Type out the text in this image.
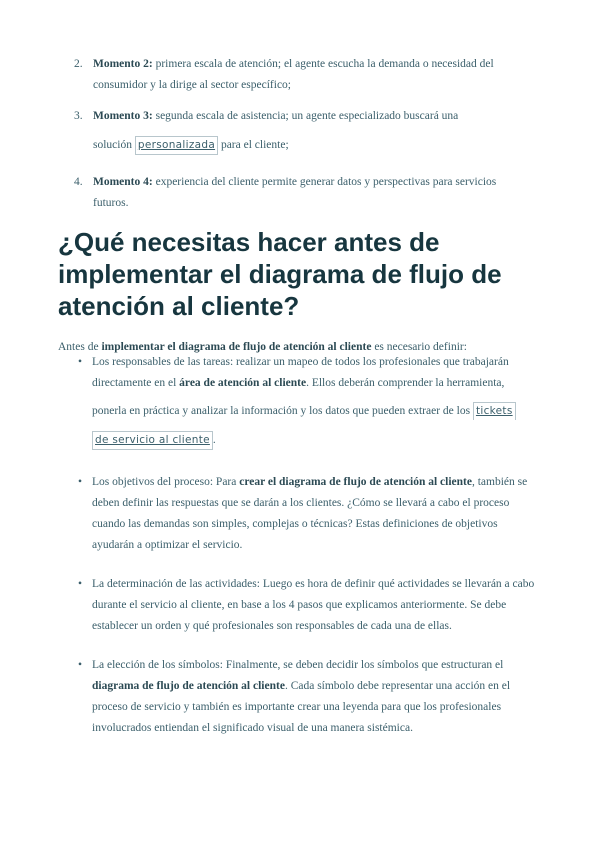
2. Momento 2: primera escala de atención; el agente escucha la demanda o necesidad del consumidor y la dirige al sector específico;
3. Momento 3: segunda escala de asistencia; un agente especializado buscará una
solución personalizada para el cliente;
4. Momento 4: experiencia del cliente permite generar datos y perspectivas para servicios futuros.
¿Qué necesitas hacer antes de implementar el diagrama de flujo de atención al cliente?
Antes de implementar el diagrama de flujo de atención al cliente es necesario definir:
• Los responsables de las tareas: realizar un mapeo de todos los profesionales que trabajarán
directamente en el área de atención al cliente. Ellos deberán comprender la herramienta,
ponerla en práctica y analizar la información y los datos que pueden extraer de los tickets
de servicio al cliente .
• Los objetivos del proceso: Para crear el diagrama de flujo de atención al cliente, también se deben definir las respuestas que se darán a los clientes. ¿Cómo se llevará a cabo el proceso cuando las demandas son simples, complejas o técnicas? Estas definiciones de objetivos ayudarán a optimizar el servicio.
• La determinación de las actividades: Luego es hora de definir qué actividades se llevarán a cabo durante el servicio al cliente, en base a los 4 pasos que explicamos anteriormente. Se debe establecer un orden y qué profesionales son responsables de cada una de ellas.
• La elección de los símbolos: Finalmente, se deben decidir los símbolos que estructuran el diagrama de flujo de atención al cliente. Cada símbolo debe representar una acción en el proceso de servicio y también es importante crear una leyenda para que los profesionales involucrados entiendan el significado visual de una manera sistémica.
